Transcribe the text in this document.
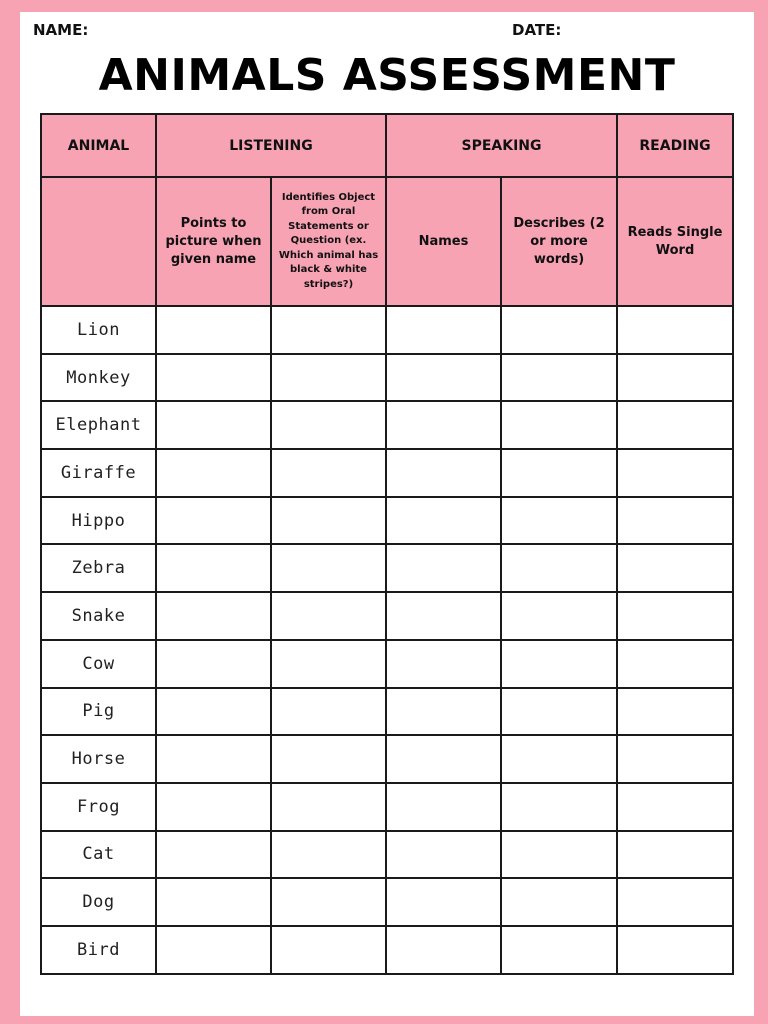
NAME:	DATE:
ANIMALS ASSESSMENT
ANIMAL	LISTENING		SPEAKING		READING

	Points to picture when given name	Identifies Object from Oral Statements or Question (ex. Which animal has black & white stripes?)	Names	Describes (2 or more words)	Reads Single Word

Lion					
Monkey					
Elephant					
Giraffe					
Hippo					
Zebra					
Snake					
Cow					
Pig					
Horse					
Frog					
Cat					
Dog					
Bird					
